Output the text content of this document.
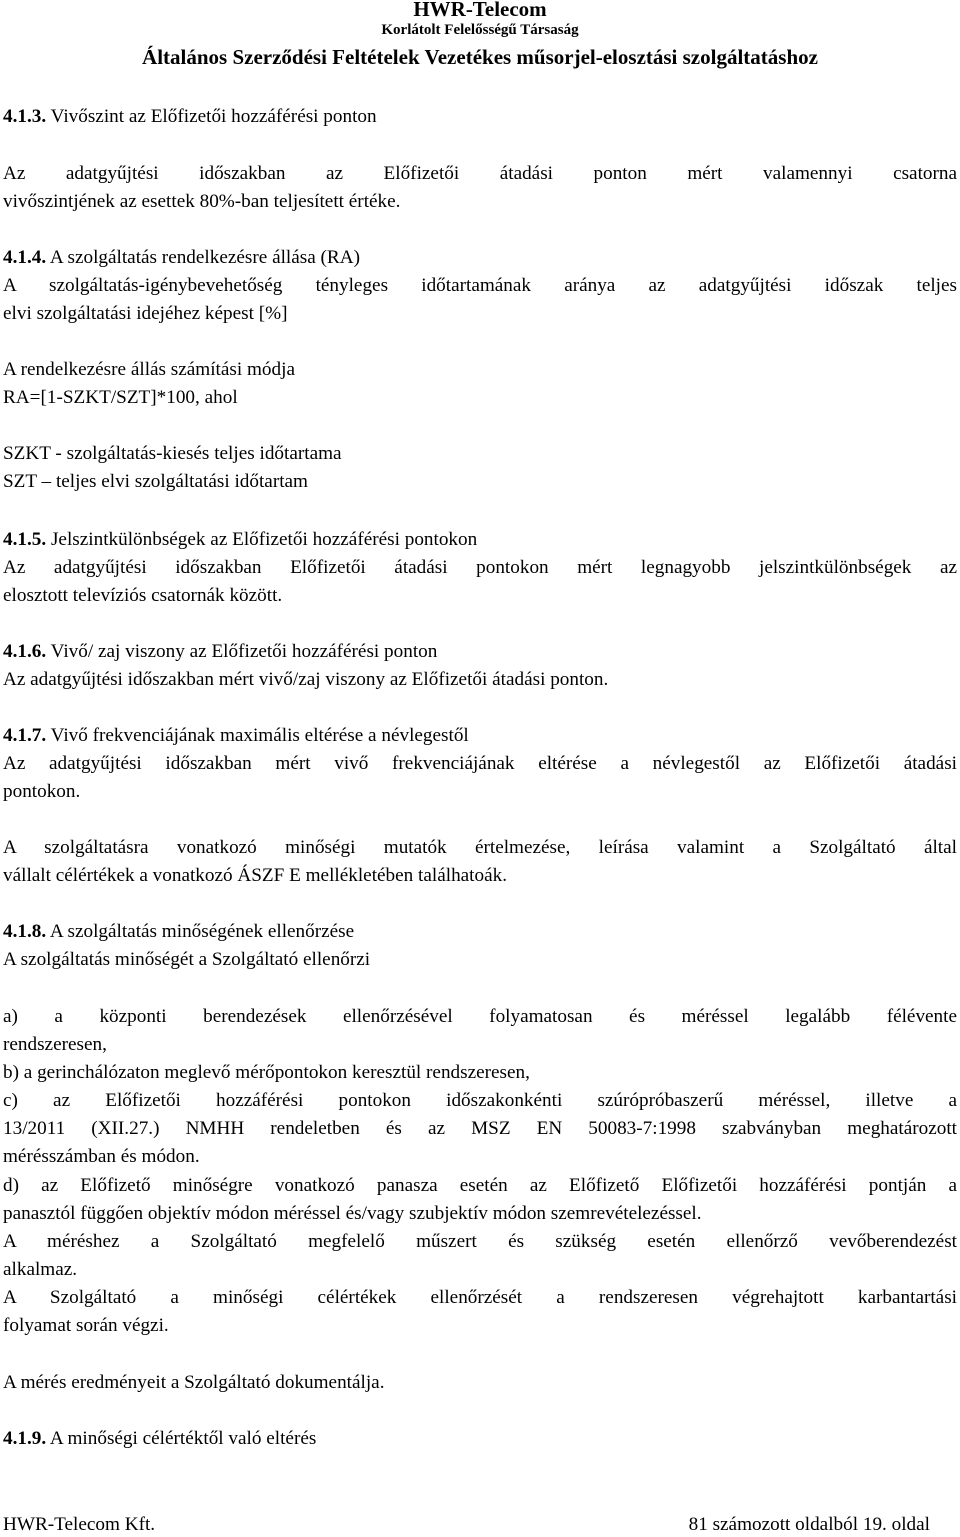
HWR-Telecom
Korlátolt Felelősségű Társaság
Általános Szerződési Feltételek Vezetékes műsorjel-elosztási szolgáltatáshoz
4.1.3. Vivőszint az Előfizetői hozzáférési ponton
Az adatgyűjtési időszakban az Előfizetői átadási ponton mért valamennyi csatorna
vivőszintjének az esettek 80%-ban teljesített értéke.
4.1.4. A szolgáltatás rendelkezésre állása (RA)
A szolgáltatás-igénybevehetőség tényleges időtartamának aránya az adatgyűjtési időszak teljes
elvi szolgáltatási idejéhez képest [%]
A rendelkezésre állás számítási módja
RA=[1-SZKT/SZT]*100, ahol
SZKT - szolgáltatás-kiesés teljes időtartama
SZT – teljes elvi szolgáltatási időtartam
4.1.5. Jelszintkülönbségek az Előfizetői hozzáférési pontokon
Az adatgyűjtési időszakban Előfizetői átadási pontokon mért legnagyobb jelszintkülönbségek az
elosztott televíziós csatornák között.
4.1.6. Vivő/ zaj viszony az Előfizetői hozzáférési ponton
Az adatgyűjtési időszakban mért vivő/zaj viszony az Előfizetői átadási ponton.
4.1.7. Vivő frekvenciájának maximális eltérése a névlegestől
Az adatgyűjtési időszakban mért vivő frekvenciájának eltérése a névlegestől az Előfizetői átadási
pontokon.
A szolgáltatásra vonatkozó minőségi mutatók értelmezése, leírása valamint a Szolgáltató által
vállalt célértékek a vonatkozó ÁSZF E mellékletében találhatoák.
4.1.8. A szolgáltatás minőségének ellenőrzése
A szolgáltatás minőségét a Szolgáltató ellenőrzi
a) a központi berendezések ellenőrzésével folyamatosan és méréssel legalább félévente
rendszeresen,
b) a gerinchálózaton meglevő mérőpontokon keresztül rendszeresen,
c) az Előfizetői hozzáférési pontokon időszakonkénti szúrópróbaszerű méréssel, illetve a
13/2011 (XII.27.) NMHH rendeletben és az MSZ EN 50083-7:1998 szabványban meghatározott
mérésszámban és módon.
d) az Előfizető minőségre vonatkozó panasza esetén az Előfizető Előfizetői hozzáférési pontján a
panasztól függően objektív módon méréssel és/vagy szubjektív módon szemrevételezéssel.
A méréshez a Szolgáltató megfelelő műszert és szükség esetén ellenőrző vevőberendezést
alkalmaz.
A Szolgáltató a minőségi célértékek ellenőrzését a rendszeresen végrehajtott karbantartási
folyamat során végzi.
A mérés eredményeit a Szolgáltató dokumentálja.
4.1.9. A minőségi célértéktől való eltérés
HWR-Telecom Kft.	81 számozott oldalból 19. oldal
